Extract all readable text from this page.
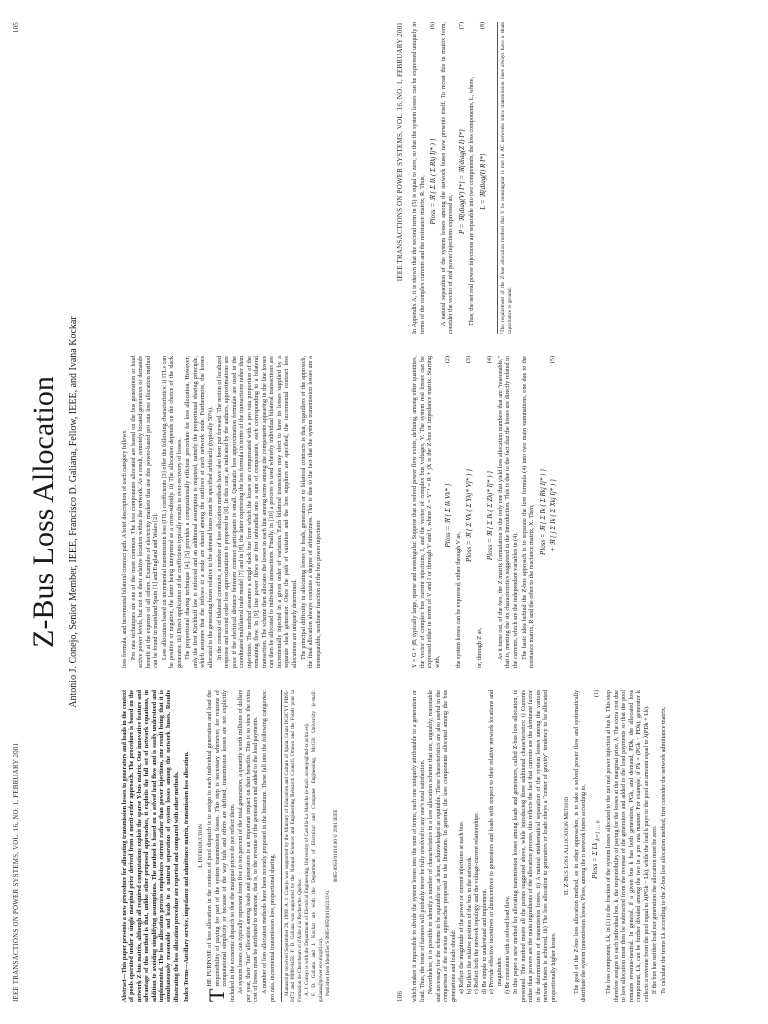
IEEE TRANSACTIONS ON POWER SYSTEMS, VOL. 16, NO. 1, FEBRUARY 2001
105
Z-Bus Loss Allocation Antonio J. Conejo, Senior Member, IEEE, Francisco D. Galiana, Fellow, IEEE, and Ivana Kockar

Abstract—This paper presents a new procedure for allocating transmission losses to generators and loads in the context of pools operated under a single marginal price derived from a merit-order approach. The procedure is based on the network Z-bus matrix, although all required computations exploit the sparse Y-bus matrix. One innovative feature and advantage of this method is that, unlike other proposed approaches, it exploits the full set of network equations, in addition to avoiding simplifying assumptions. The method is based on a solved load flow and is easily understood and implemented. The loss allocation process emphasizes current rather than power injections, one result being that it is simultaneously reasonable and leads to a natural separation of system losses among the network buses. Results illustrating the loss allocation procedure are reported and compared with other methods. Index Terms—Ancillary service, impedance and admittance matrix, transmission loss allocation. I. Introduction

T
HE PURPOSE of loss allocation in the context of pool dispatch is to assign to each individual generation and load the responsibility of paying for part of the system transmission losses. This step is necessary whenever, for reasons of computational simplicity or because of the way bids and offers are defined, transmission losses are not explicitly included in the economic dispatch so that the marginal prices do not reflect them. As system losses can typically represent from five to ten percent of the total generation, a quantity worth millions of dollars per year, their "fair" allocation among loads and generators is an important impact on their benefits. This is so since the extra cost of losses must be attributed to someone, that is, to the revenue of the generators and added to the load payments. A number of loss allocation methods have been recently proposed in the literature. These fall into the following categories: pro rata, incremental transmission loss, proportional sharing, Manuscript received September 28, 1999. A. J. Conejo was supported by the Ministry of Education and Culture of Spain, Grant DGICYT PB95-0472 and PB98-0458. F. D. Galiana was supported by the Natural Sciences and Engineering Research Council, Ottawa and the Fonds pour la Formation de Chercheurs et d'Aide à la Recherche, Québec. A. J. Conejo is with the Department of Electrical Engineering, University of Castilla-La Mancha (e-mail: aconejo@ind-cr.uclm.es). F. D. Galiana and I. Kockar are with the Department of Electrical and Computer Engineering, McGill University (e-mail: galiana@power.ece.mcgill.ca). Publisher Item Identifier S 0885-8950(01)02333-6.

0885-8950/01$10.00 © 2001 IEEE

loss formula, and incremental bilateral contract path. A brief description of each category follows. Pro rata techniques are one of the most common. The loss components allocated are based on the bus generation or load active power levels, but not on their relative location within the network. As a result, remotely located generators or demands benefit at the expense of all others. Examples of electricity markets that use this power-based pro rata loss allocation method can be found in mainland Spain [1] and England and Wales [2]. Loss allocation based on incremental transmission loss (ITL) coefficients [3] offer the following characteristics: i) ITLs can be positive or negative, the latter being interpreted as a cross-subsidy. ii) The allocation depends on the choice of the slack generator. iii) Direct application of the coefficients typically results in over-recovery of losses. The proportional sharing technique [4], [5] provides a computationally efficient procedure for loss allocation. However, only the first Kirchhoff law is enforced and an additional assumption is required, namely the proportional sharing principle, which assumes that the inflows to a node are shared among the outflows at each network node. Furthermore, the losses allocated to the generating buses relative to the demand buses must be specified arbitrarily (typically 50%). In the context of bilateral contracts, a number of loss allocation methods have also been put forward. The notion of localized response and second order loss approximations is proposed in [6]. In this case, as indicated by the authors, approximations are poor if the electrical distance between contract participants is small. Quadratic loss approximation formulae are used in the coordinated multilateral trade model [7] and in [8], the latter expressing the loss formula in terms of the transactions rather than injections. The method assumes a single slack bus from which the losses are compensated with a pro rata proportion of the remaining flow. In [9], line power flows are first unbundled into a sum of components, each corresponding to a bilateral transaction. The scheme then allocates the losses in each line among terms among the components appearing in the line losses can then be allocated to individual transactions. Finally, in [10] a process is used whereby individual bilateral transactions are incrementally injected in a given order of variation. Each bilateral transaction may elect to have its losses supplied by a separate slack generator. Once the path of variation and the loss suppliers are specified, the incremental contract loss allocations are uniquely determined. The principal difficulty in allocating losses to loads, generators or to bilateral contracts is that, regardless of the approach, the final allocation always contains a degree of arbitrariness. This is due to the fact that the system transmission losses are a nonseparable, nonlinear function of the bus power injections

106
IEEE TRANSACTIONS ON POWER SYSTEMS, VOL. 16, NO. 1, FEBRUARY 2001

which makes it impossible to divide the system losses into the sum of terms, each one uniquely attributable to a generation or load. Thus, the issue of fairness will probably never be fully resolved to any one's total satisfaction. Nevertheless, it is possible to identify a number of characteristics in a loss allocation scheme that are, arguably, reasonable and necessary for the scheme to be equitable or, at least, acknowledged as equitable. These characteristics are also useful in the comparison of the various approaches proposed in the literature. In general, the loss components allocated among the bus generations and loads should: a) Reflect the magnitude of the power or current injections at each bus. b) Reflect the relative position of the bus in the network. c) Reflect both the network topology and the voltage-current relationships. d) Be simple to understand and implement. e) Provide effective incentives or disincentives to generators and loads with respect to their relative network locations and magnitudes. f) Be consistent with a solved load flow. In this paper a new method for allocating transmission losses among loads and generators, called Z-bus loss allocation, is presented. This method meets all the points suggested above, while introducing three additional characteristics: i) Currents rather than powers are the main ingredients of the allocation process, this reflects the fact that currents are the dominant factor in the determination of transmission losses. ii) A natural mathematical separation of the system losses among the various network buses is achieved. iii) The loss allocation to generators or loads obeys a "center of gravity" tendency to be allocated proportionally higher losses.

II. Z-Bus Loss Allocation Method The goal of the Z-bus loss allocation method, as in other approaches, is to take a solved power flow and systematically distribute the system transmission losses, Ploss, among the n network buses according to, Ploss = Σ Lk $_{k=1 \dots n}$
(1) The loss component, Lk, in (1) is the fraction of the system losses allocated to the net real power injection at bus k. This step therefore assigns to each individual bus, k, the responsibility of paying for the losses at the marginal price, λ. The extra cost due to loss allocation must then be subtracted from the revenue of the generators and added to the load payments so that the pool remains revenue-neutral. In general, if a given bus k has both generation, PGk, and demand, PDk, the allocated loss component, Lk, can be further divided among the two in a pro rata manner. For example, if Pk = (PGk − PDk), generator k collects a revenue from the pool equal to λ(PGk − Lk), while the load k pays to the pool an amount equal to λ(PDk + Lk). If the bus has neither load nor generation the allocation must be zero. To calculate the terms Lk according to the Z-bus loss allocation method, first consider the network admittance matrix,

Y = G + jB, typically large, sparse and nonsingular. Suppose that a solved power flow exists, defining, among other quantities, the vector of complex bus current injections, I, and the vector of complex bus voltages, V. The system real losses can be expressed either in terms of V and I or through V and I, where Z = Y⁻¹ = R + jX is the Z-bus or impedance matrix. Starting with,

Ploss = ℜ { Σ Ik Vk* }
(2)

the system losses can be expressed, either through V as,

Ploss = ℜ { Σ Vk ( Σ Ykj* Vj* ) }
(3)

or, through Z as,

Ploss = ℜ { Σ Ik ( Σ Zkj* Ij* ) }
(4) As it turns out, of the two, the Z matrix formulation is the only one that yield loss allocation numbers that are "reasonable," that is, meeting the six characteristics suggested in the Introduction. This is due to the fact that the losses are directly related to the currents, which are the independent variables in (4). The basic idea behind the Z-bus approach is to separate the loss formula (4) into two main summations, one due to the resistance matrix, R and the other to the reactance matrix, X. Then, Ploss = ℜ { Σ Ik ( Σ Rkj Ij* ) } + ℜ { j Σ Ik ( Σ Xkj Ij* ) }
(5)

In Appendix A, it is shown that the second term in (5) is equal to zero, so that the system losses can be expressed uniquely in terms of the complex currents and the resistance matrix, R. Thus, Ploss = ℜ { Σ Ik ( Σ Rkj Ij* ) }
(6) A natural separation of the system losses among the network buses now presents itself. To recast this in matrix form, consider the vector of real power injections expressed as,

P = ℜ{diag(V) I*} = ℜ{diag(Z I) I*}
(7)

Thus, the net real power injections are separable into two components, the loss components, L, where, L = ℜ{diag(I) R I*}
(8)	¹The requirement of the Z-bus allocation method that Y be nonsingular is met in AC networks since transmission lines always have a shunt capacitance to ground.
